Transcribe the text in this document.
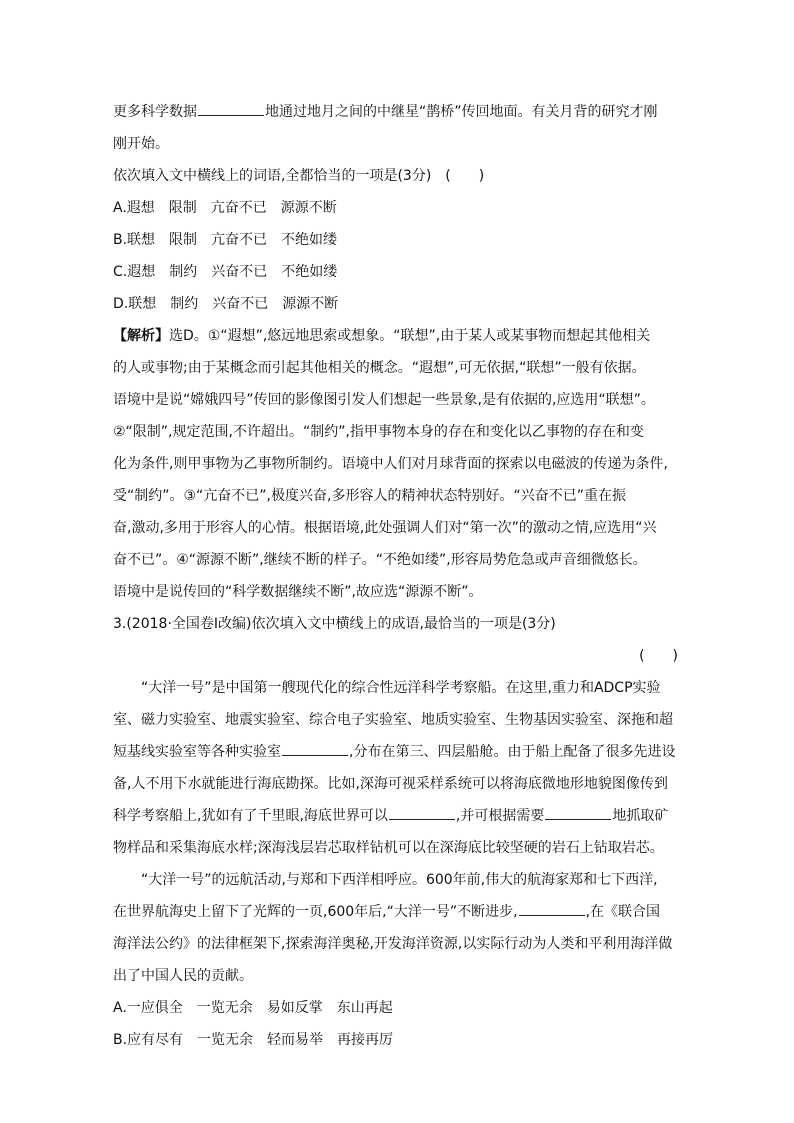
更多科学数据	地通过地月之间的中继星“鹊桥”传回地面。有关月背的研究才刚
刚开始。
依次填入文中横线上的词语,全都恰当的一项是(3分)　(　　)
A.遐想　限制　亢奋不已　源源不断
B.联想　限制　亢奋不已　不绝如缕
C.遐想　制约　兴奋不已　不绝如缕
D.联想　制约　兴奋不已　源源不断
【解析】选D。①“遐想”,悠远地思索或想象。“联想”,由于某人或某事物而想起其他相关
的人或事物;由于某概念而引起其他相关的概念。“遐想”,可无依据,“联想”一般有依据。
语境中是说“嫦娥四号”传回的影像图引发人们想起一些景象,是有依据的,应选用“联想”。
②“限制”,规定范围,不许超出。“制约”,指甲事物本身的存在和变化以乙事物的存在和变
化为条件,则甲事物为乙事物所制约。语境中人们对月球背面的探索以电磁波的传递为条件,
受“制约”。③“亢奋不已”,极度兴奋,多形容人的精神状态特别好。“兴奋不已”重在振
奋,激动,多用于形容人的心情。根据语境,此处强调人们对“第一次”的激动之情,应选用“兴
奋不已”。④“源源不断”,继续不断的样子。“不绝如缕”,形容局势危急或声音细微悠长。
语境中是说传回的“科学数据继续不断”,故应选“源源不断”。
3.(2018·全国卷Ⅰ改编)依次填入文中横线上的成语,最恰当的一项是(3分)
(　　)
“大洋一号”是中国第一艘现代化的综合性远洋科学考察船。在这里,重力和ADCP实验
室、磁力实验室、地震实验室、综合电子实验室、地质实验室、生物基因实验室、深拖和超
短基线实验室等各种实验室	,分布在第三、四层船舱。由于船上配备了很多先进设
备,人不用下水就能进行海底勘探。比如,深海可视采样系统可以将海底微地形地貌图像传到
科学考察船上,犹如有了千里眼,海底世界可以	,并可根据需要	地抓取矿
物样品和采集海底水样;深海浅层岩芯取样钻机可以在深海底比较坚硬的岩石上钻取岩芯。
“大洋一号”的远航活动,与郑和下西洋相呼应。600年前,伟大的航海家郑和七下西洋,
在世界航海史上留下了光辉的一页,600年后,“大洋一号”不断进步,	,在《联合国
海洋法公约》的法律框架下,探索海洋奥秘,开发海洋资源,以实际行动为人类和平利用海洋做
出了中国人民的贡献。
A.一应俱全　一览无余　易如反掌　东山再起
B.应有尽有　一览无余　轻而易举　再接再厉
